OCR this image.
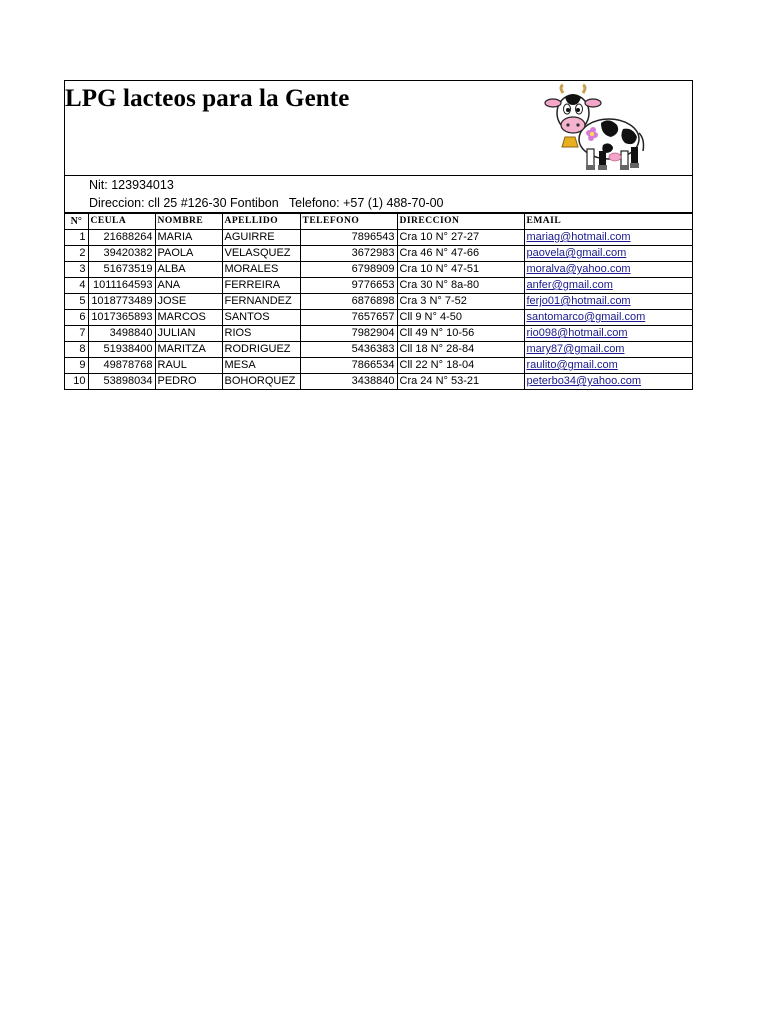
LPG lacteos para la Gente
Nit: 123934013
Direccion: cll 25 #126-30 Fontibon   Telefono: +57 (1) 488-70-00
N°	CEULA	NOMBRE	APELLIDO	TELEFONO	DIRECCION	EMAIL
1	21688264	MARIA	AGUIRRE	7896543	Cra 10 N° 27-27	mariag@hotmail.com
2	39420382	PAOLA	VELASQUEZ	3672983	Cra 46 N° 47-66	paovela@gmail.com
3	51673519	ALBA	MORALES	6798909	Cra 10 N° 47-51	moralva@yahoo.com
4	1011164593	ANA	FERREIRA	9776653	Cra 30 N° 8a-80	anfer@gmail.com
5	1018773489	JOSE	FERNANDEZ	6876898	Cra 3 N° 7-52	ferjo01@hotmail.com
6	1017365893	MARCOS	SANTOS	7657657	Cll 9 N° 4-50	santomarco@gmail.com
7	3498840	JULIAN	RIOS	7982904	Cll 49 N° 10-56	rio098@hotmail.com
8	51938400	MARITZA	RODRIGUEZ	5436383	Cll 18 N° 28-84	mary87@gmail.com
9	49878768	RAUL	MESA	7866534	Cll 22 N° 18-04	raulito@gmail.com
10	53898034	PEDRO	BOHORQUEZ	3438840	Cra 24 N° 53-21	peterbo34@yahoo.com
